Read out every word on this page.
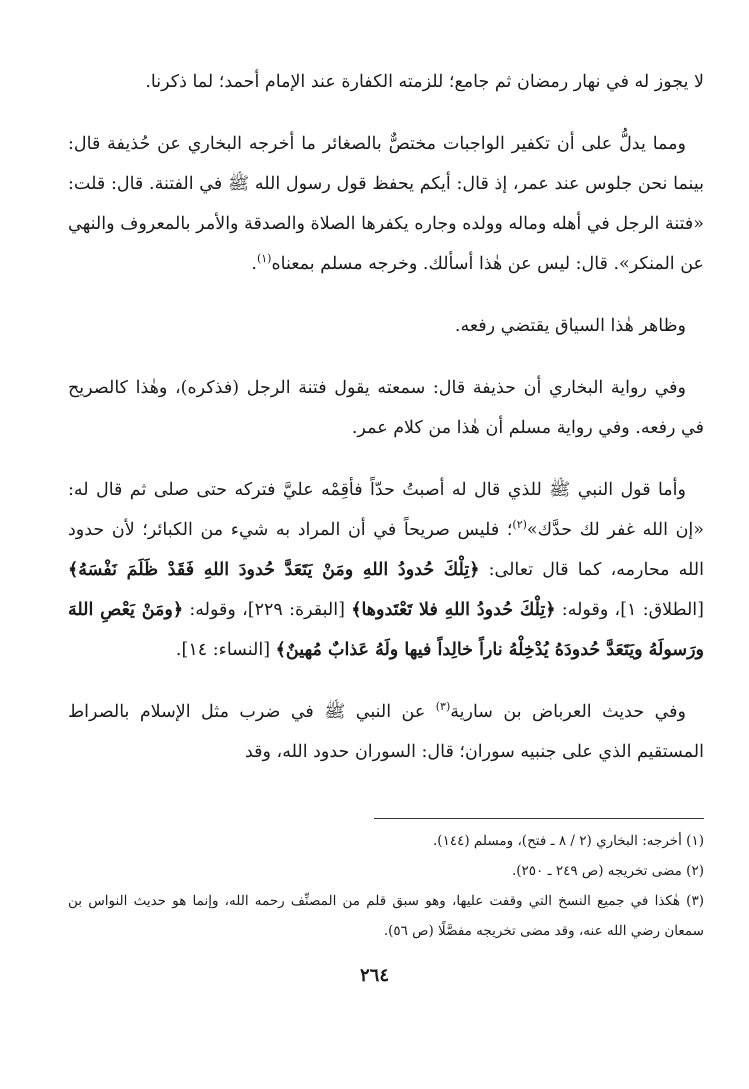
لا يجوز له في نهار رمضان ثم جامع؛ للزمته الكفارة عند الإمام أحمد؛ لما ذكرنا.

ومما يدلُّ على أن تكفير الواجبات مختصٌّ بالصغائر ما أخرجه البخاري عن حُذيفة قال: بينما نحن جلوس عند عمر، إذ قال: أيكم يحفظ قول رسول الله ﷺ في الفتنة. قال: قلت: «فتنة الرجل في أهله وماله وولده وجاره يكفرها الصلاة والصدقة والأمر بالمعروف والنهي عن المنكر». قال: ليس عن هٰذا أسألك. وخرجه مسلم بمعناه$^{(١)}$.

وظاهر هٰذا السياق يقتضي رفعه.

وفي رواية البخاري أن حذيفة قال: سمعته يقول فتنة الرجل (فذكره)، وهٰذا كالصريح في رفعه. وفي رواية مسلم أن هٰذا من كلام عمر.

وأما قول النبي ﷺ للذي قال له أصبتُ حدّاً فأقِمْه عليَّ فتركه حتى صلى ثم قال له: «إن الله غفر لك حدَّك»$^{(٢)}$؛ فليس صريحاً في أن المراد به شيء من الكبائر؛ لأن حدود الله محارمه، كما قال تعالى: ﴿تِلْكَ حُدودُ اللهِ ومَنْ يَتَعَدَّ حُدودَ اللهِ فَقَدْ ظَلَمَ نَفْسَهُ﴾ [الطلاق: ١]، وقوله: ﴿تِلْكَ حُدودُ اللهِ فلا تَعْتَدوها﴾ [البقرة: ٢٢٩]، وقوله: ﴿ومَنْ يَعْصِ اللهَ ورَسولَهُ ويَتَعَدَّ حُدودَهُ يُدْخِلْهُ ناراً خالِداً فيها ولَهُ عَذابٌ مُهينٌ﴾ [النساء: ١٤].

وفي حديث العرباض بن سارية$^{(٣)}$ عن النبي ﷺ في ضرب مثل الإسلام بالصراط المستقيم الذي على جنبيه سوران؛ قال: السوران حدود الله، وقد

(١) أخرجه: البخاري (٢ / ٨ ـ فتح)، ومسلم (١٤٤).

(٢) مضى تخريجه (ص ٢٤٩ ـ ٢٥٠).

(٣) هٰكذا في جميع النسخ التي وقفت عليها، وهو سبق قلم من المصنِّف رحمه الله، وإنما هو حديث النواس بن سمعان رضي الله عنه، وقد مضى تخريجه مفصَّلًا (ص ٥٦).

٢٦٤
